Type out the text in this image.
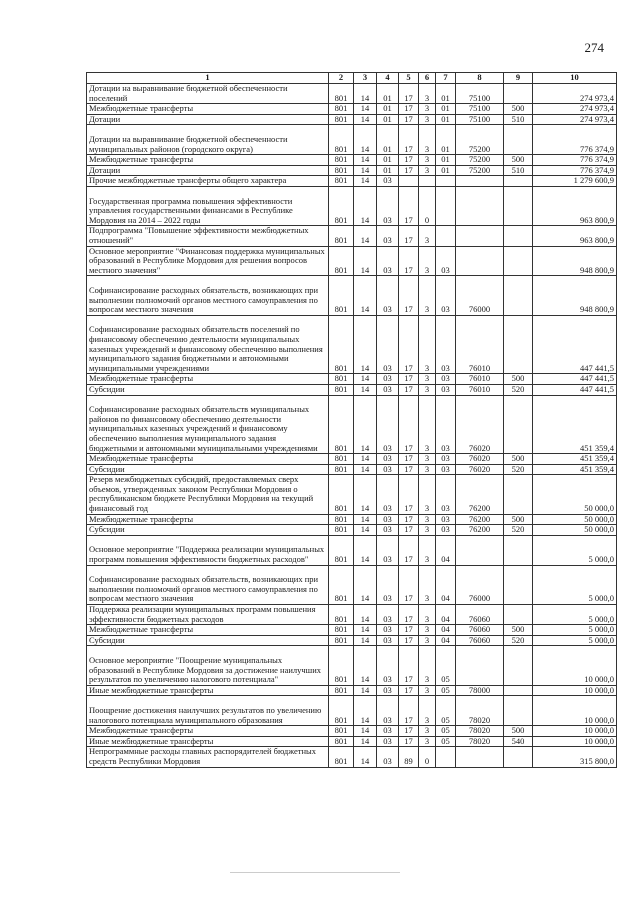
274
1	2	3	4	5	6	7	8	9	10
Дотации на выравнивание бюджетной обеспеченности поселений	801	14	01	17	3	01	75100		274 973,4
Межбюджетные трансферты	801	14	01	17	3	01	75100	500	274 973,4
Дотации	801	14	01	17	3	01	75100	510	274 973,4
Дотации на выравнивание бюджетной обеспеченности муниципальных районов (городского округа)	801	14	01	17	3	01	75200		776 374,9
Межбюджетные трансферты	801	14	01	17	3	01	75200	500	776 374,9
Дотации	801	14	01	17	3	01	75200	510	776 374,9
Прочие межбюджетные трансферты общего характера	801	14	03						1 279 600,9
Государственная программа повышения эффективности управления государственными финансами в Республике Мордовия на 2014 – 2022 годы	801	14	03	17	0				963 800,9
Подпрограмма "Повышение эффективности межбюджетных отношений"	801	14	03	17	3				963 800,9
Основное мероприятие "Финансовая поддержка муниципальных образований в Республике Мордовия для решения вопросов местного значения"	801	14	03	17	3	03			948 800,9
Софинансирование расходных обязательств, возникающих при выполнении полномочий органов местного самоуправления по вопросам местного значения	801	14	03	17	3	03	76000		948 800,9
Софинансирование расходных обязательств поселений по финансовому обеспечению деятельности муниципальных казенных учреждений и финансовому обеспечению выполнения муниципального задания бюджетными и автономными муниципальными учреждениями	801	14	03	17	3	03	76010		447 441,5
Межбюджетные трансферты	801	14	03	17	3	03	76010	500	447 441,5
Субсидии	801	14	03	17	3	03	76010	520	447 441,5
Софинансирование расходных обязательств муниципальных районов по финансовому обеспечению деятельности муниципальных казенных учреждений и финансовому обеспечению выполнения муниципального задания бюджетными и автономными муниципальными учреждениями	801	14	03	17	3	03	76020		451 359,4
Межбюджетные трансферты	801	14	03	17	3	03	76020	500	451 359,4
Субсидии	801	14	03	17	3	03	76020	520	451 359,4
Резерв межбюджетных субсидий, предоставляемых сверх объемов, утвержденных законом Республики Мордовия о республиканском бюджете Республики Мордовия на текущий финансовый год	801	14	03	17	3	03	76200		50 000,0
Межбюджетные трансферты	801	14	03	17	3	03	76200	500	50 000,0
Субсидии	801	14	03	17	3	03	76200	520	50 000,0
Основное мероприятие "Поддержка реализации муниципальных программ повышения эффективности бюджетных расходов"	801	14	03	17	3	04			5 000,0
Софинансирование расходных обязательств, возникающих при выполнении полномочий органов местного самоуправления по вопросам местного значения	801	14	03	17	3	04	76000		5 000,0
Поддержка реализации муниципальных программ повышения эффективности бюджетных расходов	801	14	03	17	3	04	76060		5 000,0
Межбюджетные трансферты	801	14	03	17	3	04	76060	500	5 000,0
Субсидии	801	14	03	17	3	04	76060	520	5 000,0
Основное мероприятие "Поощрение муниципальных образований в Республике Мордовия за достижение наилучших результатов по увеличению налогового потенциала"	801	14	03	17	3	05			10 000,0
Иные межбюджетные трансферты	801	14	03	17	3	05	78000		10 000,0
Поощрение достижения наилучших результатов по увеличению налогового потенциала муниципального образования	801	14	03	17	3	05	78020		10 000,0
Межбюджетные трансферты	801	14	03	17	3	05	78020	500	10 000,0
Иные межбюджетные трансферты	801	14	03	17	3	05	78020	540	10 000,0
Непрограммные расходы главных распорядителей бюджетных средств Республики Мордовия	801	14	03	89	0				315 800,0
